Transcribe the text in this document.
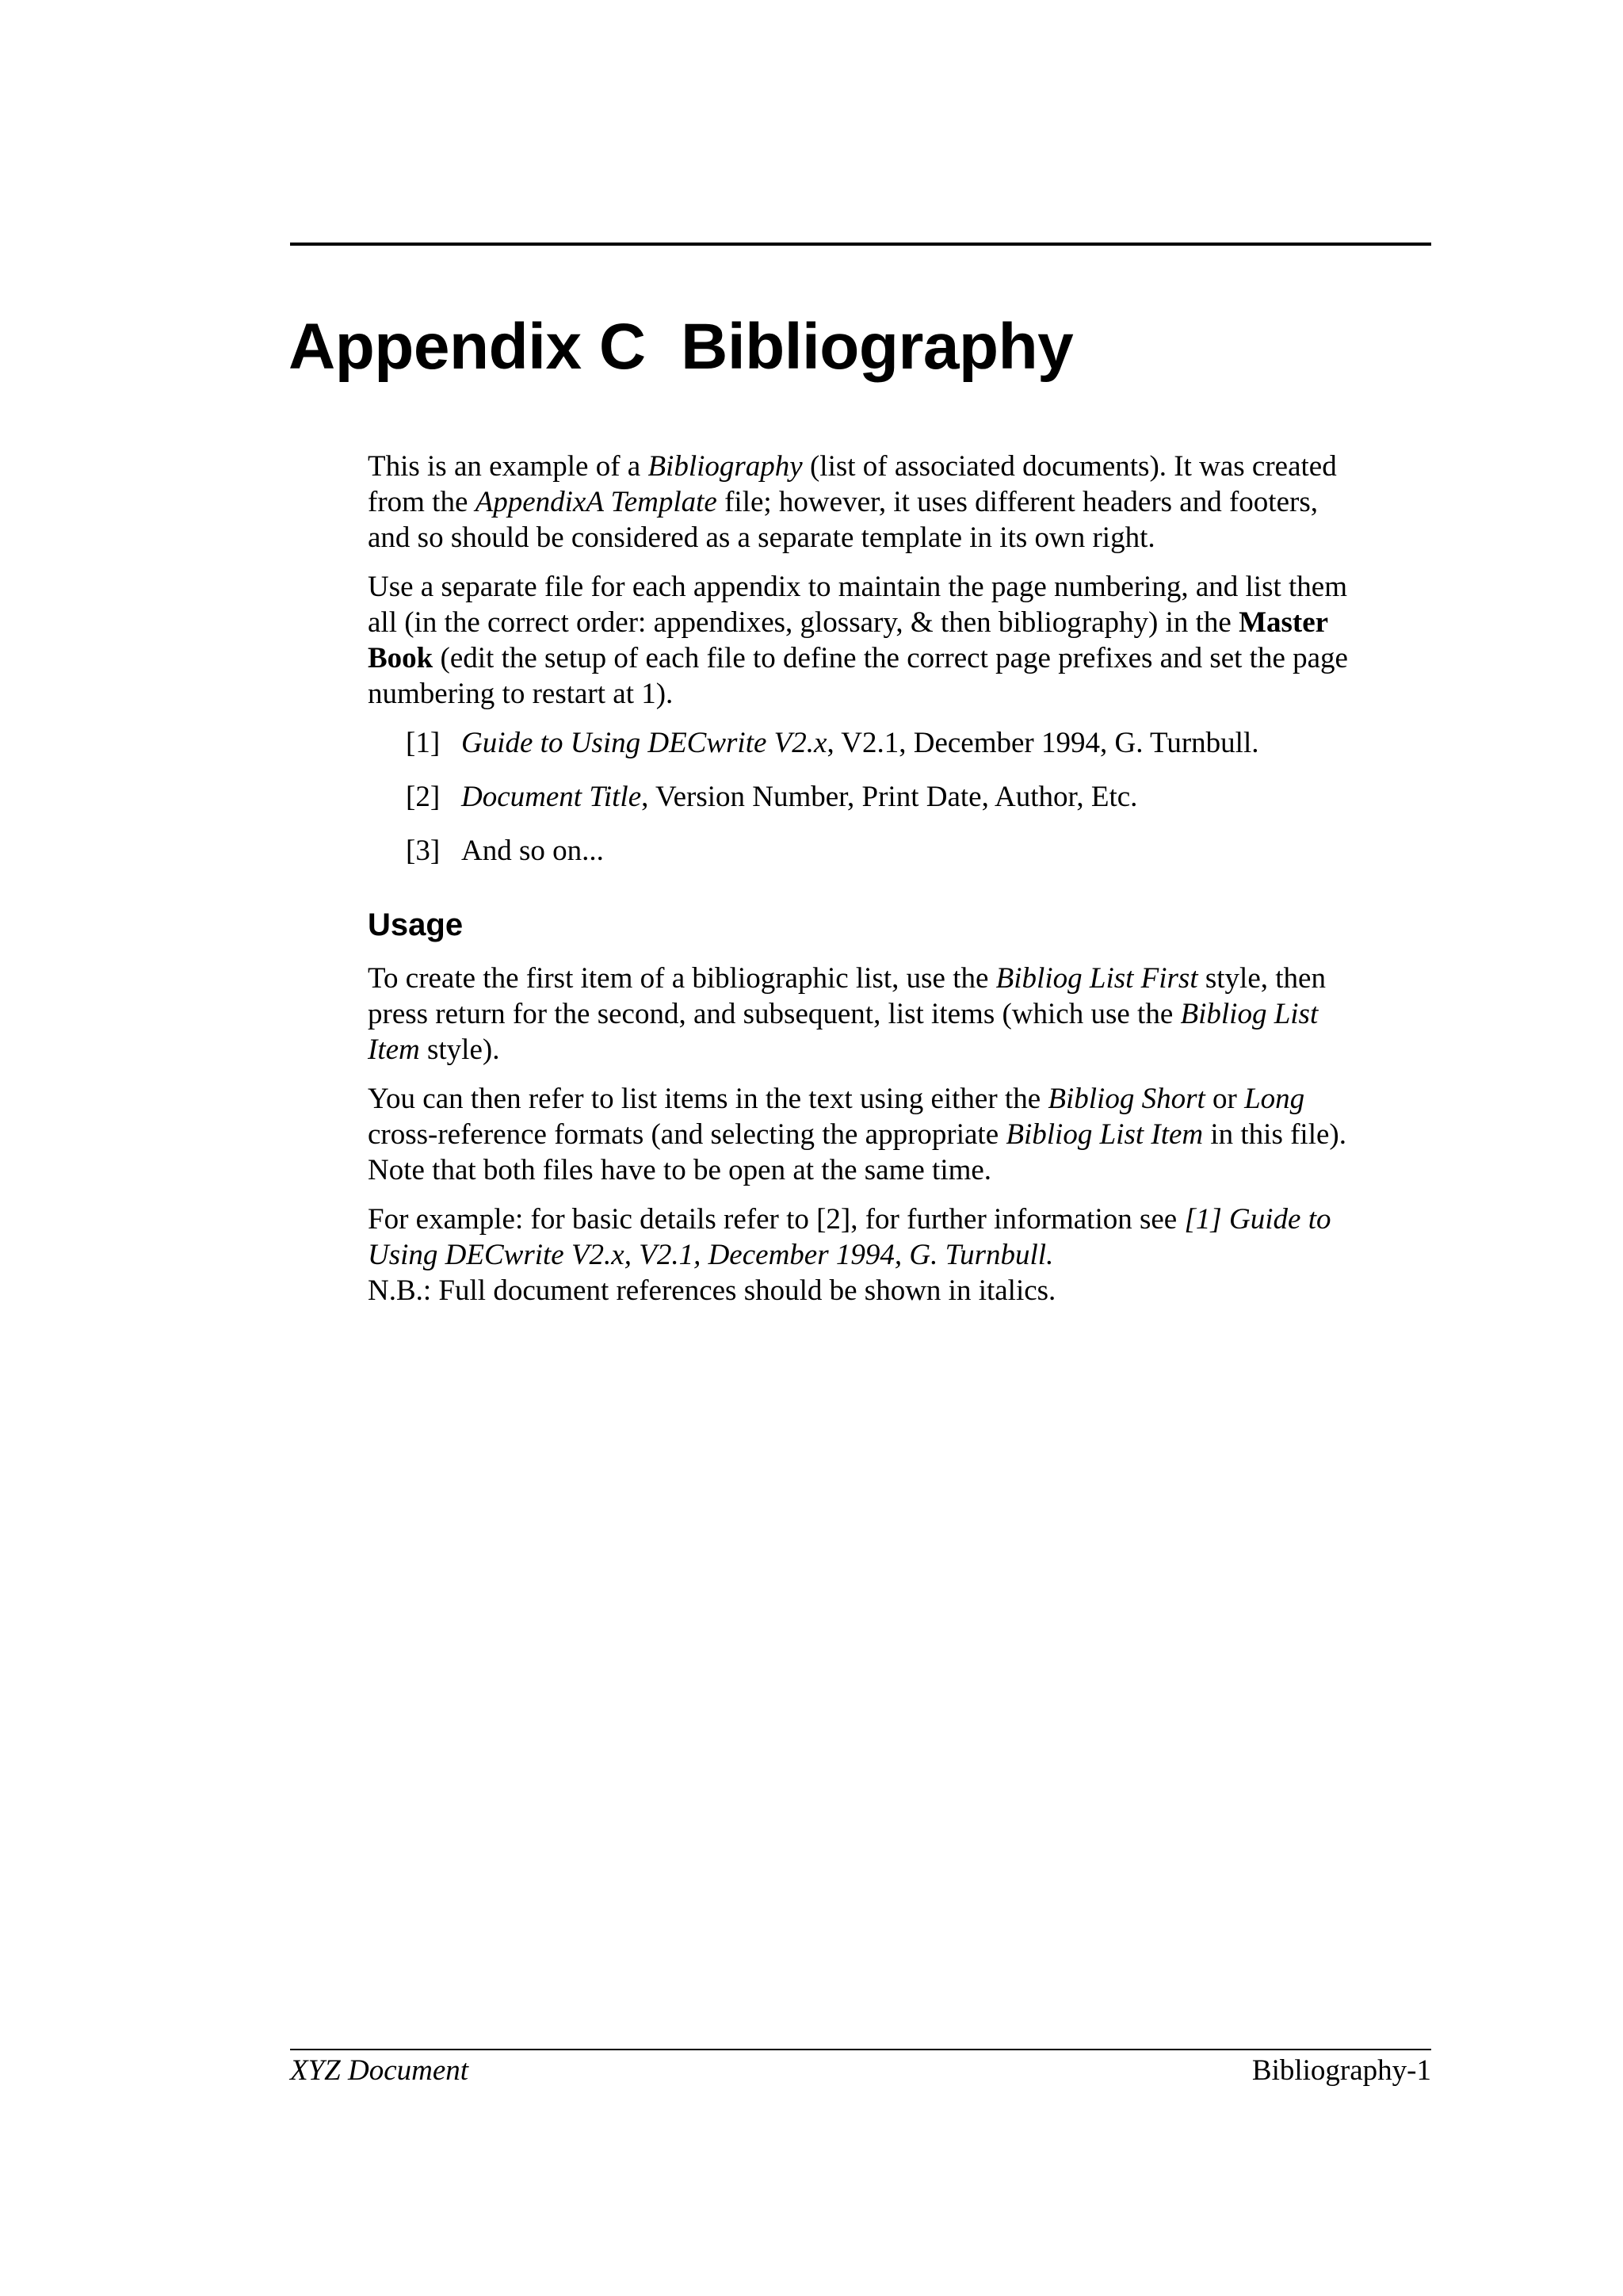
Appendix C Bibliography

This is an example of a Bibliography (list of associated documents). It was created from the AppendixA Template file; however, it uses different headers and footers, and so should be considered as a separate template in its own right.

Use a separate file for each appendix to maintain the page numbering, and list them all (in the correct order: appendixes, glossary, & then bibliography) in the Master Book (edit the setup of each file to define the correct page prefixes and set the page numbering to restart at 1).

[1] Guide to Using DECwrite V2.x, V2.1, December 1994, G. Turnbull.
[2] Document Title, Version Number, Print Date, Author, Etc.
[3] And so on...
Usage

To create the first item of a bibliographic list, use the Bibliog List First style, then press return for the second, and subsequent, list items (which use the Bibliog List Item style).

You can then refer to list items in the text using either the Bibliog Short or Long cross-reference formats (and selecting the appropriate Bibliog List Item in this file). Note that both files have to be open at the same time.

For example: for basic details refer to [2], for further information see [1] Guide to Using DECwrite V2.x, V2.1, December 1994, G. Turnbull.
N.B.: Full document references should be shown in italics.

XYZ Document	Bibliography-1
